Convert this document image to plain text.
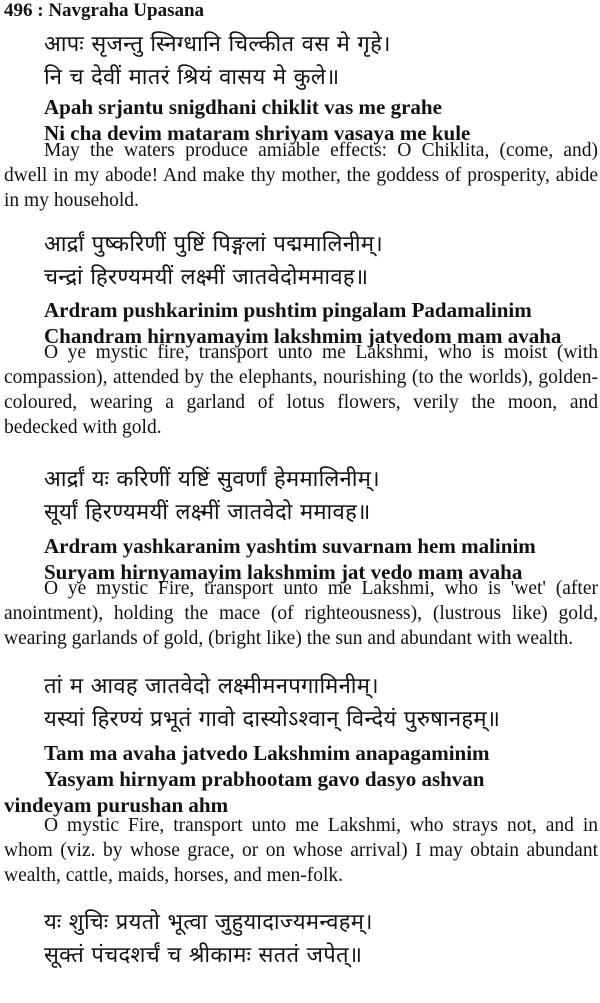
496 : Navgraha Upasana
आपः सृजन्तु स्निग्धानि चिल्कीत वस मे गृहे।
नि च देवीं मातरं श्रियं वासय मे कुले॥
Apah srjantu snigdhani chiklit vas me grahe
Ni cha devim mataram shriyam vasaya me kule

May the waters produce amiable effects: O Chiklita, (come, and) dwell in my abode! And make thy mother, the goddess of prosperity, abide in my household.

आर्द्रां पुष्करिणीं पुष्टिं पिङ्गलां पद्ममालिनीम्।
चन्द्रां हिरण्यमयीं लक्ष्मीं जातवेदोममावह॥
Ardram pushkarinim pushtim pingalam Padamalinim
Chandram hirnyamayim lakshmim jatvedom mam avaha

O ye mystic fire, transport unto me Lakshmi, who is moist (with compassion), attended by the elephants, nourishing (to the worlds), golden-coloured, wearing a garland of lotus flowers, verily the moon, and bedecked with gold.

आर्द्रां यः करिणीं यष्टिं सुवर्णां हेममालिनीम्।
सूर्यां हिरण्यमयीं लक्ष्मीं जातवेदो ममावह॥
Ardram yashkaranim yashtim suvarnam hem malinim
Suryam hirnyamayim lakshmim jat vedo mam avaha

O ye mystic Fire, transport unto me Lakshmi, who is 'wet' (after anointment), holding the mace (of righteousness), (lustrous like) gold, wearing garlands of gold, (bright like) the sun and abundant with wealth.

तां म आवह जातवेदो लक्ष्मीमनपगामिनीम्।
यस्यां हिरण्यं प्रभूतं गावो दास्योऽश्वान् विन्देयं पुरुषानहम्॥
Tam ma avaha jatvedo Lakshmim anapagaminim
Yasyam hirnyam prabhootam gavo dasyo ashvan
vindeyam purushan ahm

O mystic Fire, transport unto me Lakshmi, who strays not, and in whom (viz. by whose grace, or on whose arrival) I may obtain abundant wealth, cattle, maids, horses, and men-folk.

यः शुचिः प्रयतो भूत्वा जुहुयादाज्यमन्वहम्।
सूक्तं पंचदशर्चं च श्रीकामः सततं जपेत्॥
